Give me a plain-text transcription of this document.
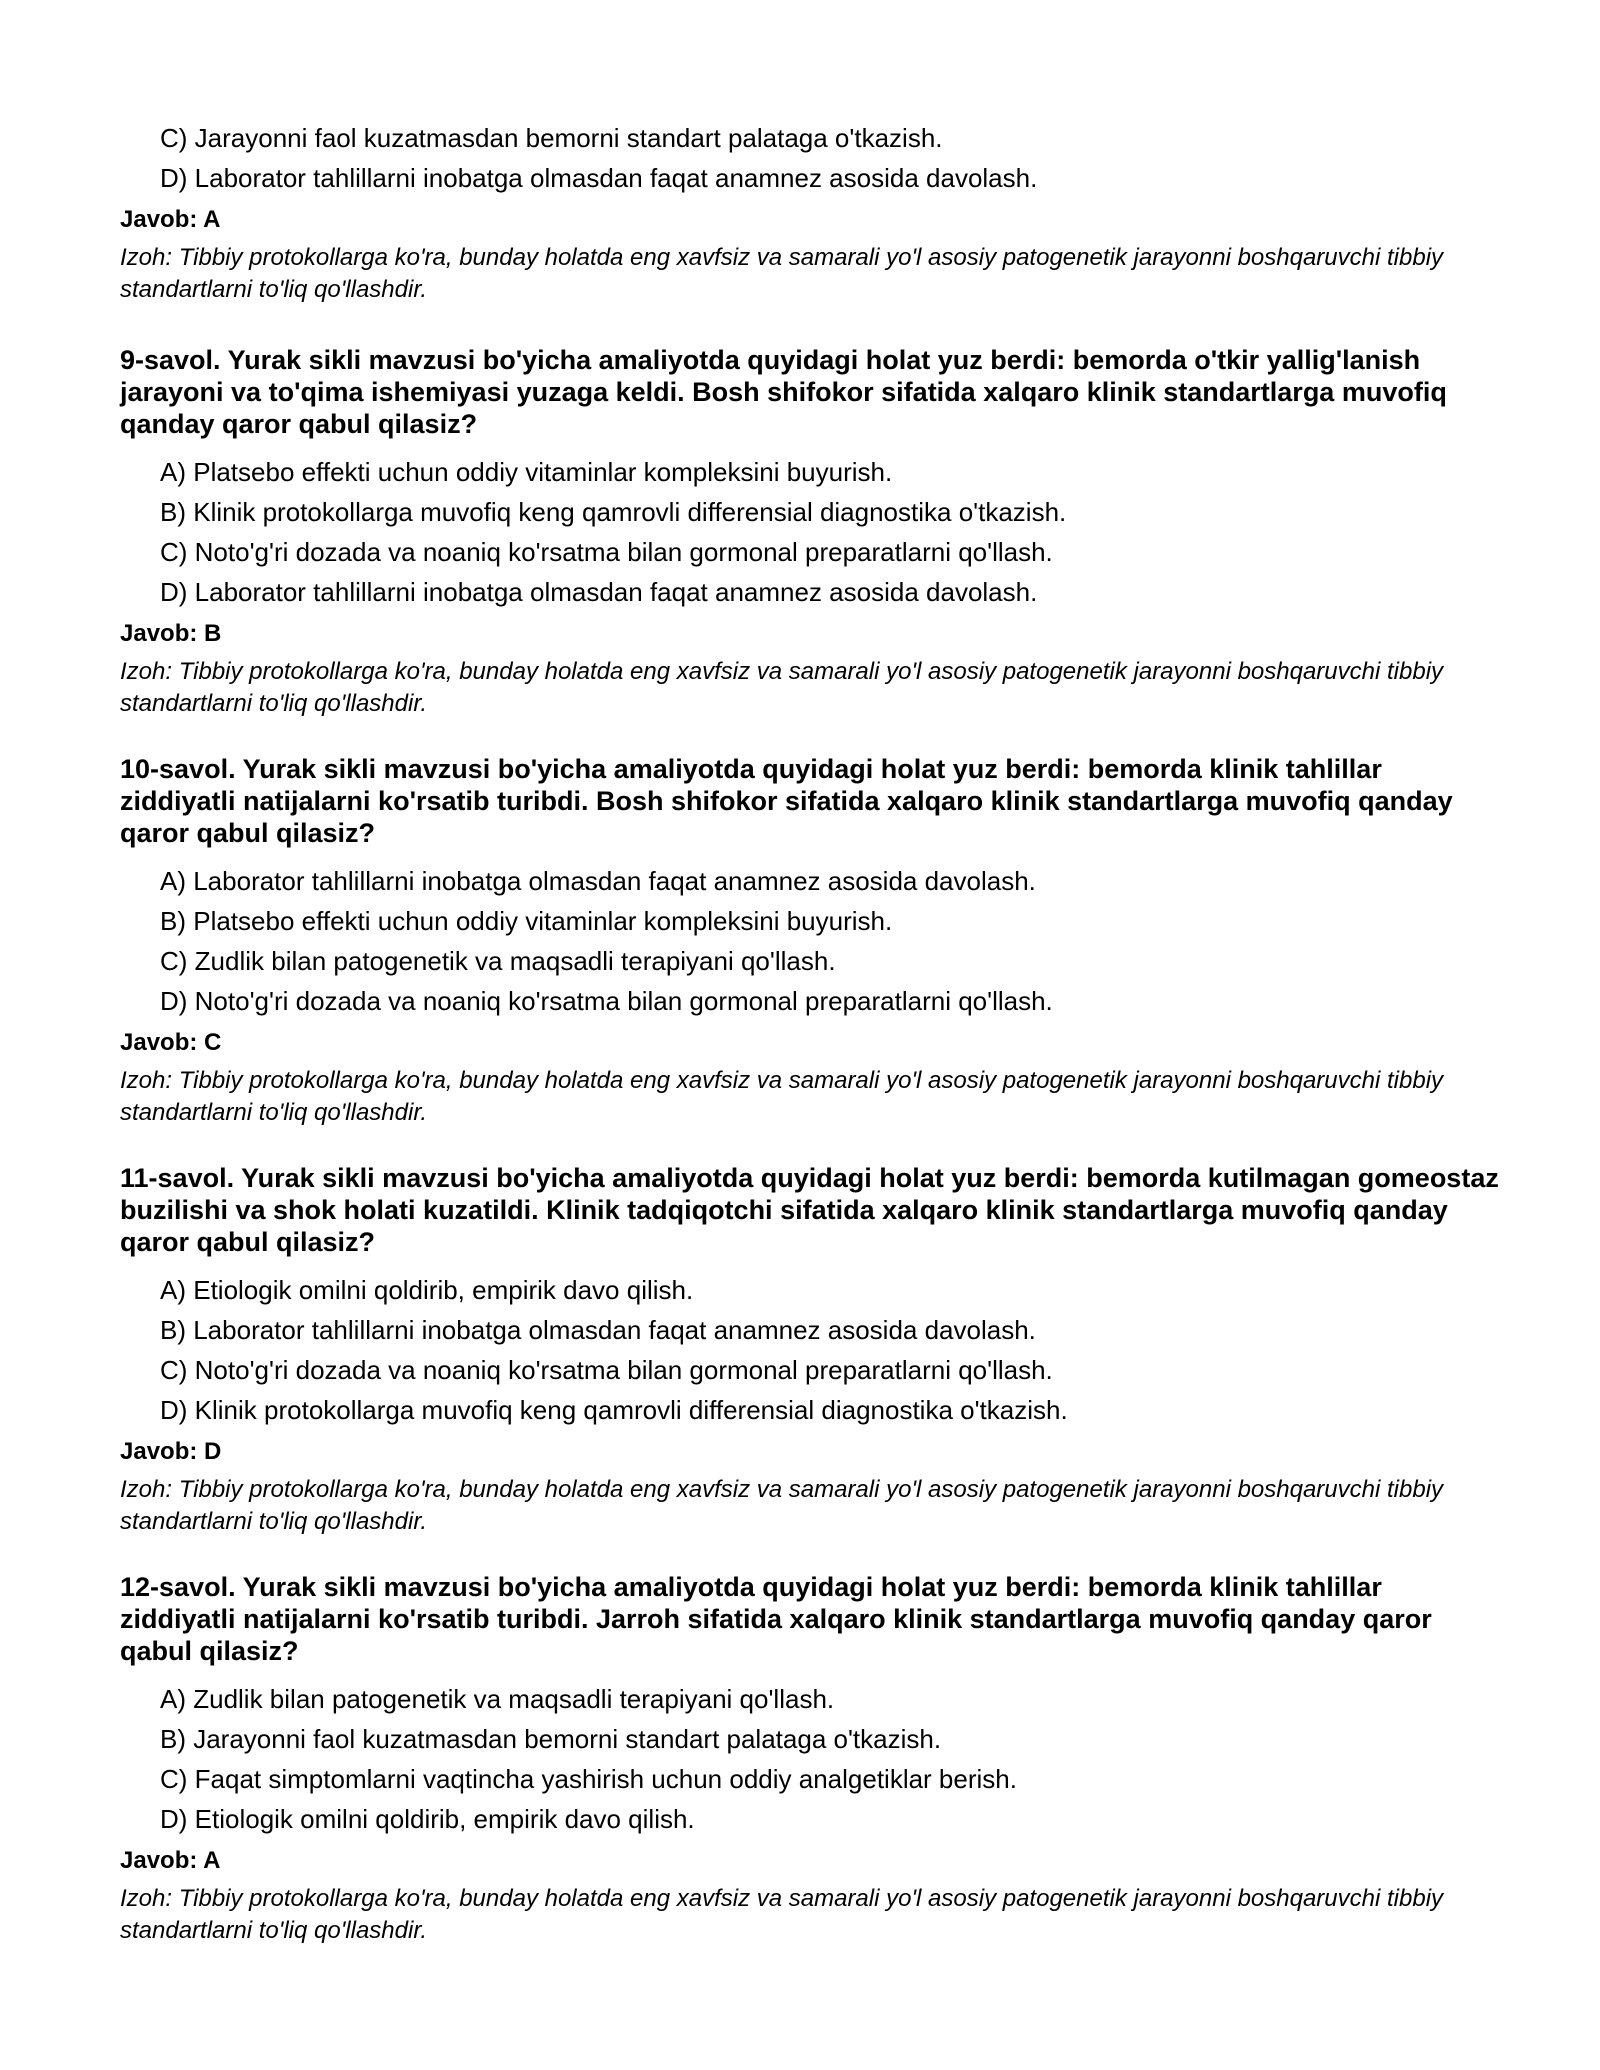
C) Jarayonni faol kuzatmasdan bemorni standart palataga o'tkazish.
D) Laborator tahlillarni inobatga olmasdan faqat anamnez asosida davolash.
Javob: A
Izoh: Tibbiy protokollarga ko'ra, bunday holatda eng xavfsiz va samarali yo'l asosiy patogenetik jarayonni boshqaruvchi tibbiy standartlarni to'liq qo'llashdir.
9-savol. Yurak sikli mavzusi bo'yicha amaliyotda quyidagi holat yuz berdi: bemorda o'tkir yallig'lanish jarayoni va to'qima ishemiyasi yuzaga keldi. Bosh shifokor sifatida xalqaro klinik standartlarga muvofiq qanday qaror qabul qilasiz?
A) Platsebo effekti uchun oddiy vitaminlar kompleksini buyurish.
B) Klinik protokollarga muvofiq keng qamrovli differensial diagnostika o'tkazish.
C) Noto'g'ri dozada va noaniq ko'rsatma bilan gormonal preparatlarni qo'llash.
D) Laborator tahlillarni inobatga olmasdan faqat anamnez asosida davolash.
Javob: B
Izoh: Tibbiy protokollarga ko'ra, bunday holatda eng xavfsiz va samarali yo'l asosiy patogenetik jarayonni boshqaruvchi tibbiy standartlarni to'liq qo'llashdir.
10-savol. Yurak sikli mavzusi bo'yicha amaliyotda quyidagi holat yuz berdi: bemorda klinik tahlillar ziddiyatli natijalarni ko'rsatib turibdi. Bosh shifokor sifatida xalqaro klinik standartlarga muvofiq qanday qaror qabul qilasiz?
A) Laborator tahlillarni inobatga olmasdan faqat anamnez asosida davolash.
B) Platsebo effekti uchun oddiy vitaminlar kompleksini buyurish.
C) Zudlik bilan patogenetik va maqsadli terapiyani qo'llash.
D) Noto'g'ri dozada va noaniq ko'rsatma bilan gormonal preparatlarni qo'llash.
Javob: C
Izoh: Tibbiy protokollarga ko'ra, bunday holatda eng xavfsiz va samarali yo'l asosiy patogenetik jarayonni boshqaruvchi tibbiy standartlarni to'liq qo'llashdir.
11-savol. Yurak sikli mavzusi bo'yicha amaliyotda quyidagi holat yuz berdi: bemorda kutilmagan gomeostaz buzilishi va shok holati kuzatildi. Klinik tadqiqotchi sifatida xalqaro klinik standartlarga muvofiq qanday qaror qabul qilasiz?
A) Etiologik omilni qoldirib, empirik davo qilish.
B) Laborator tahlillarni inobatga olmasdan faqat anamnez asosida davolash.
C) Noto'g'ri dozada va noaniq ko'rsatma bilan gormonal preparatlarni qo'llash.
D) Klinik protokollarga muvofiq keng qamrovli differensial diagnostika o'tkazish.
Javob: D
Izoh: Tibbiy protokollarga ko'ra, bunday holatda eng xavfsiz va samarali yo'l asosiy patogenetik jarayonni boshqaruvchi tibbiy standartlarni to'liq qo'llashdir.
12-savol. Yurak sikli mavzusi bo'yicha amaliyotda quyidagi holat yuz berdi: bemorda klinik tahlillar ziddiyatli natijalarni ko'rsatib turibdi. Jarroh sifatida xalqaro klinik standartlarga muvofiq qanday qaror qabul qilasiz?
A) Zudlik bilan patogenetik va maqsadli terapiyani qo'llash.
B) Jarayonni faol kuzatmasdan bemorni standart palataga o'tkazish.
C) Faqat simptomlarni vaqtincha yashirish uchun oddiy analgetiklar berish.
D) Etiologik omilni qoldirib, empirik davo qilish.
Javob: A
Izoh: Tibbiy protokollarga ko'ra, bunday holatda eng xavfsiz va samarali yo'l asosiy patogenetik jarayonni boshqaruvchi tibbiy standartlarni to'liq qo'llashdir.
